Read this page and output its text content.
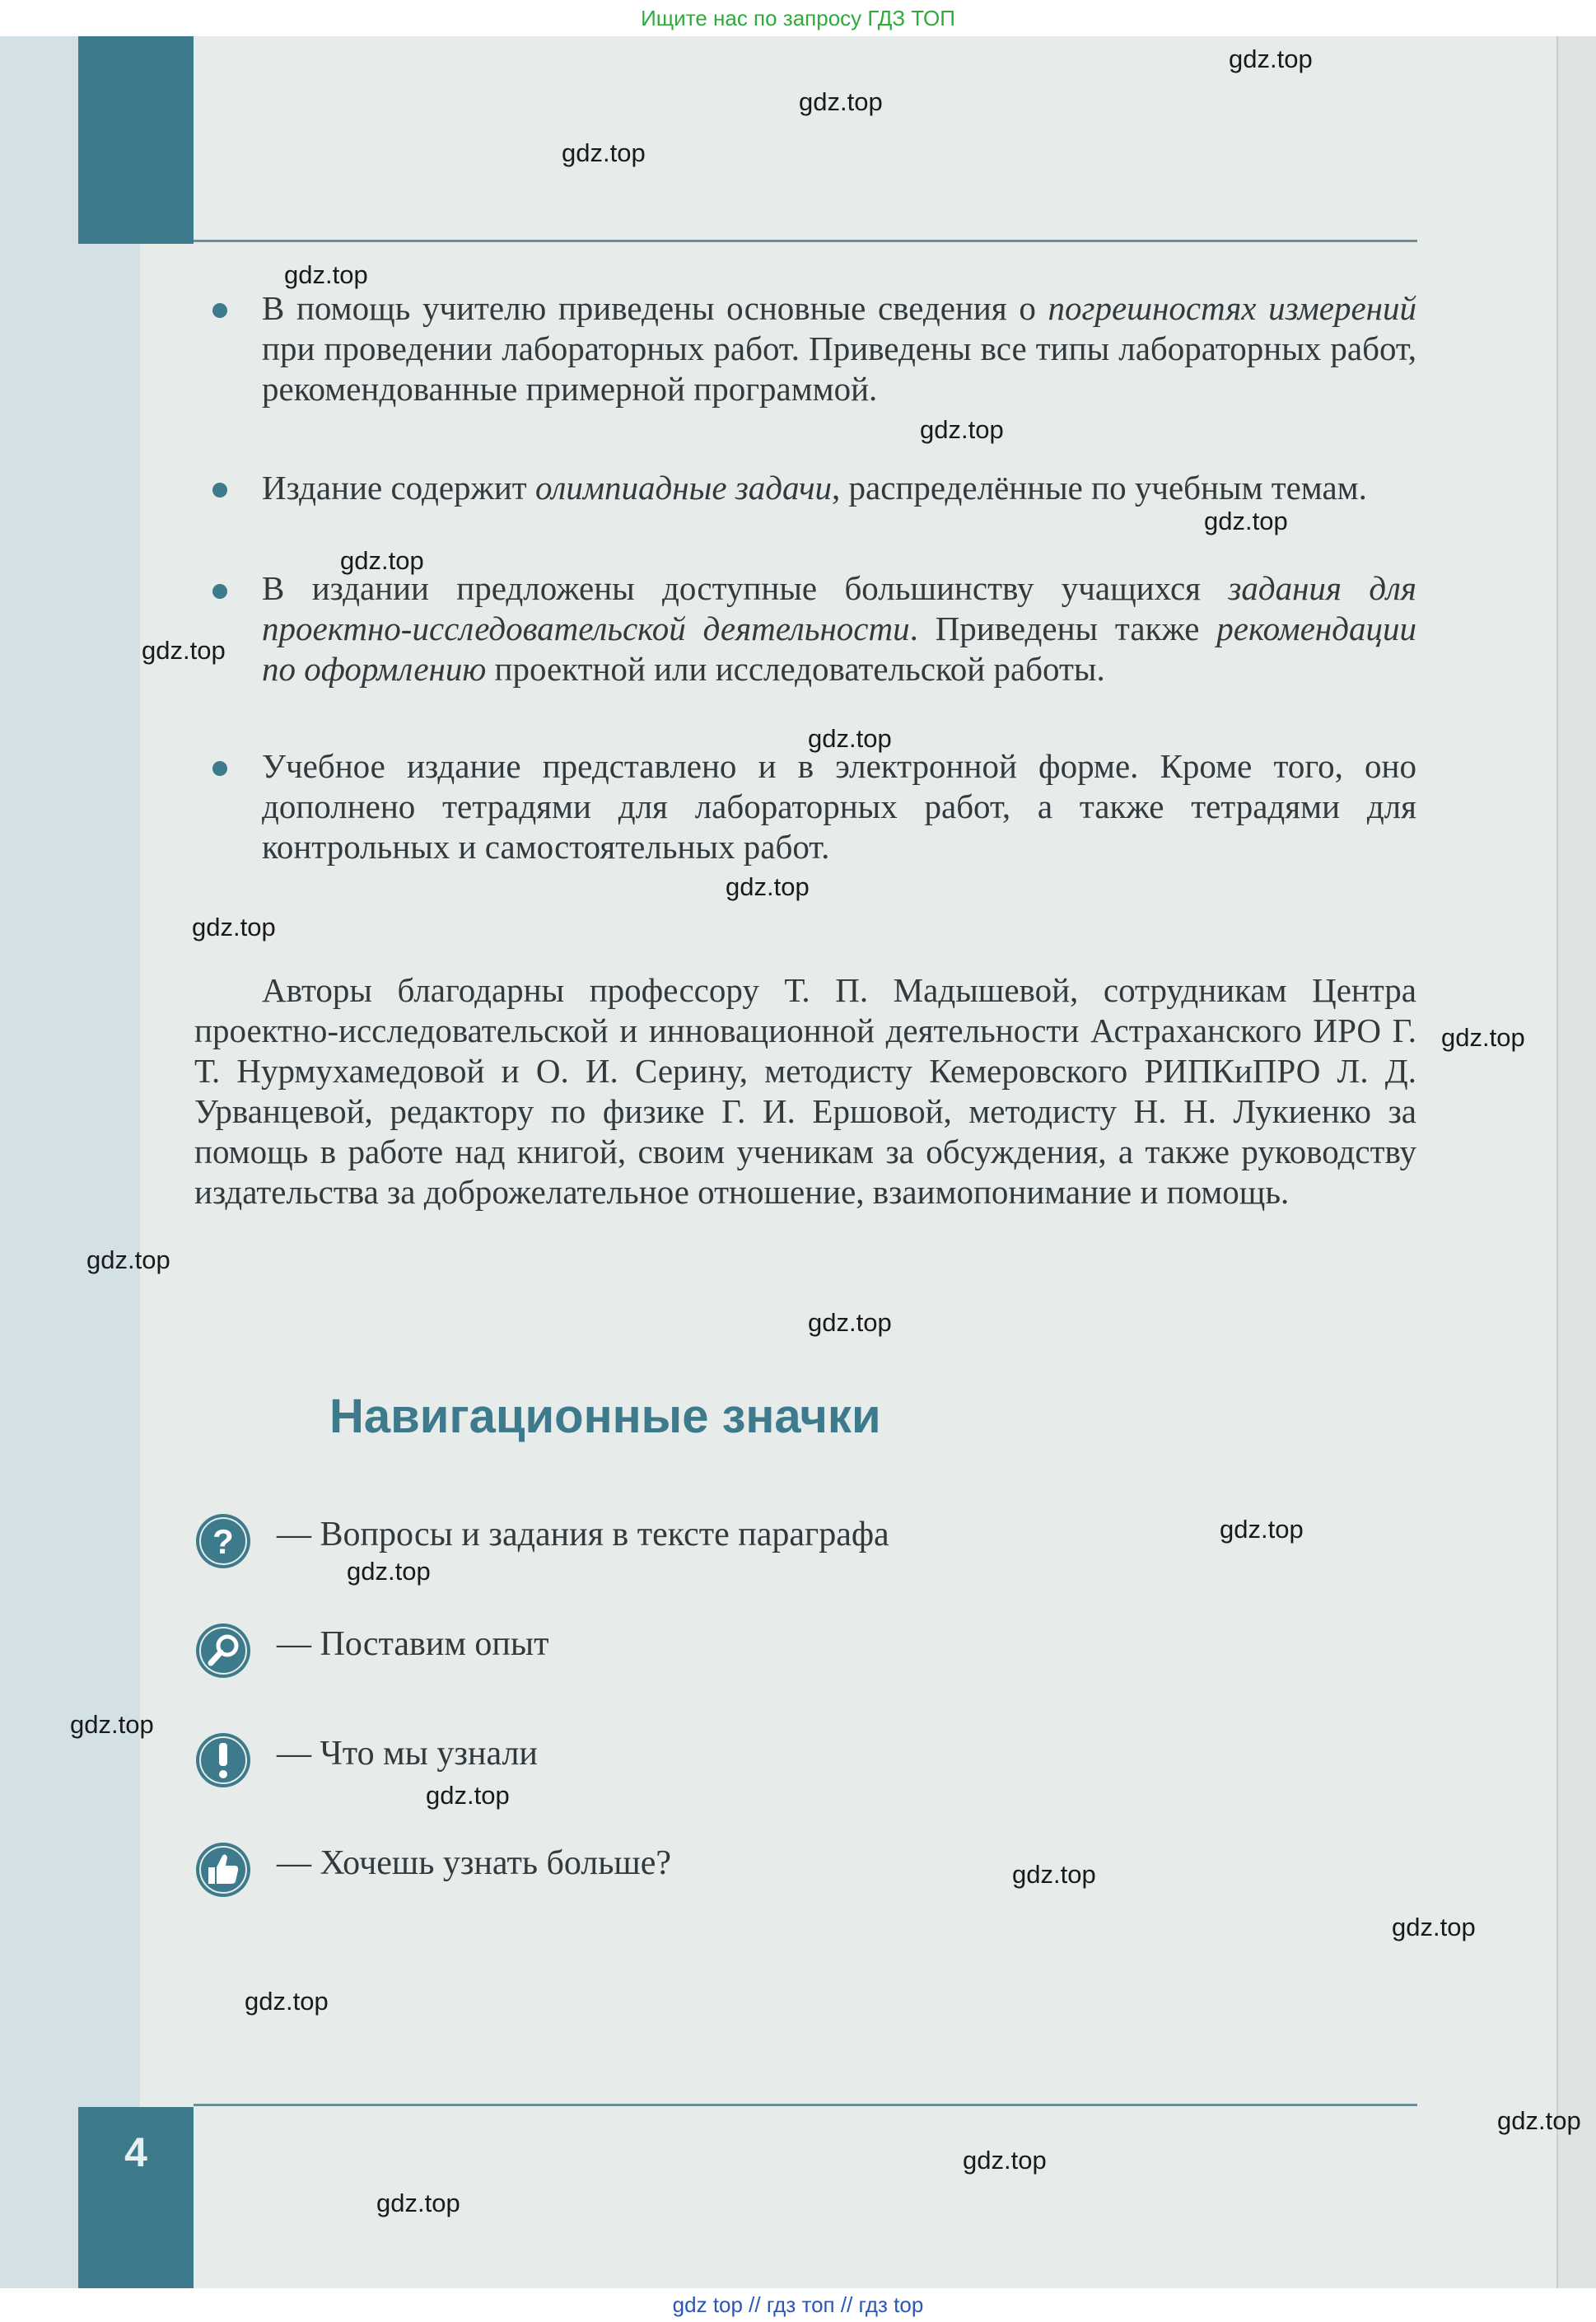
Ищите нас по запросу ГДЗ ТОП
В помощь учителю приведены основные сведения о погрешностях измерений при проведении лабораторных работ. Приведены все типы лабораторных работ, рекомендованные примерной программой.
Издание содержит олимпиадные задачи, распределённые по учебным темам.
В издании предложены доступные большинству учащихся задания для проектно-исследовательской деятельности. Приведены также рекомендации по оформлению проектной или исследовательской работы.
Учебное издание представлено и в электронной форме. Кроме того, оно дополнено тетрадями для лабораторных работ, а также тетрадями для контрольных и самостоятельных работ.
Авторы благодарны профессору Т. П. Мадышевой, сотрудникам Центра проектно-исследовательской и инновационной деятельности Астраханского ИРО Г. Т. Нурмухамедовой и О. И. Серину, методисту Кемеровского РИПКиПРО Л. Д. Урванцевой, редактору по физике Г. И. Ершовой, методисту Н. Н. Лукиенко за помощь в работе над книгой, своим ученикам за обсуждения, а также руководству издательства за доброжелательное отношение, взаимопонимание и помощь.
Навигационные значки
? — Вопросы и задания в тексте параграфа
— Поставим опыт
— Что мы узнали
— Хочешь узнать больше?
4
gdz.top
gdz.top
gdz.top
gdz.top
gdz.top
gdz.top
gdz.top
gdz.top
gdz.top
gdz.top
gdz.top
gdz.top
gdz.top
gdz.top
gdz.top
gdz.top
gdz.top
gdz.top
gdz.top
gdz.top
gdz.top
gdz.top
gdz.top
gdz.top
gdz top // гдз топ // гдз top
